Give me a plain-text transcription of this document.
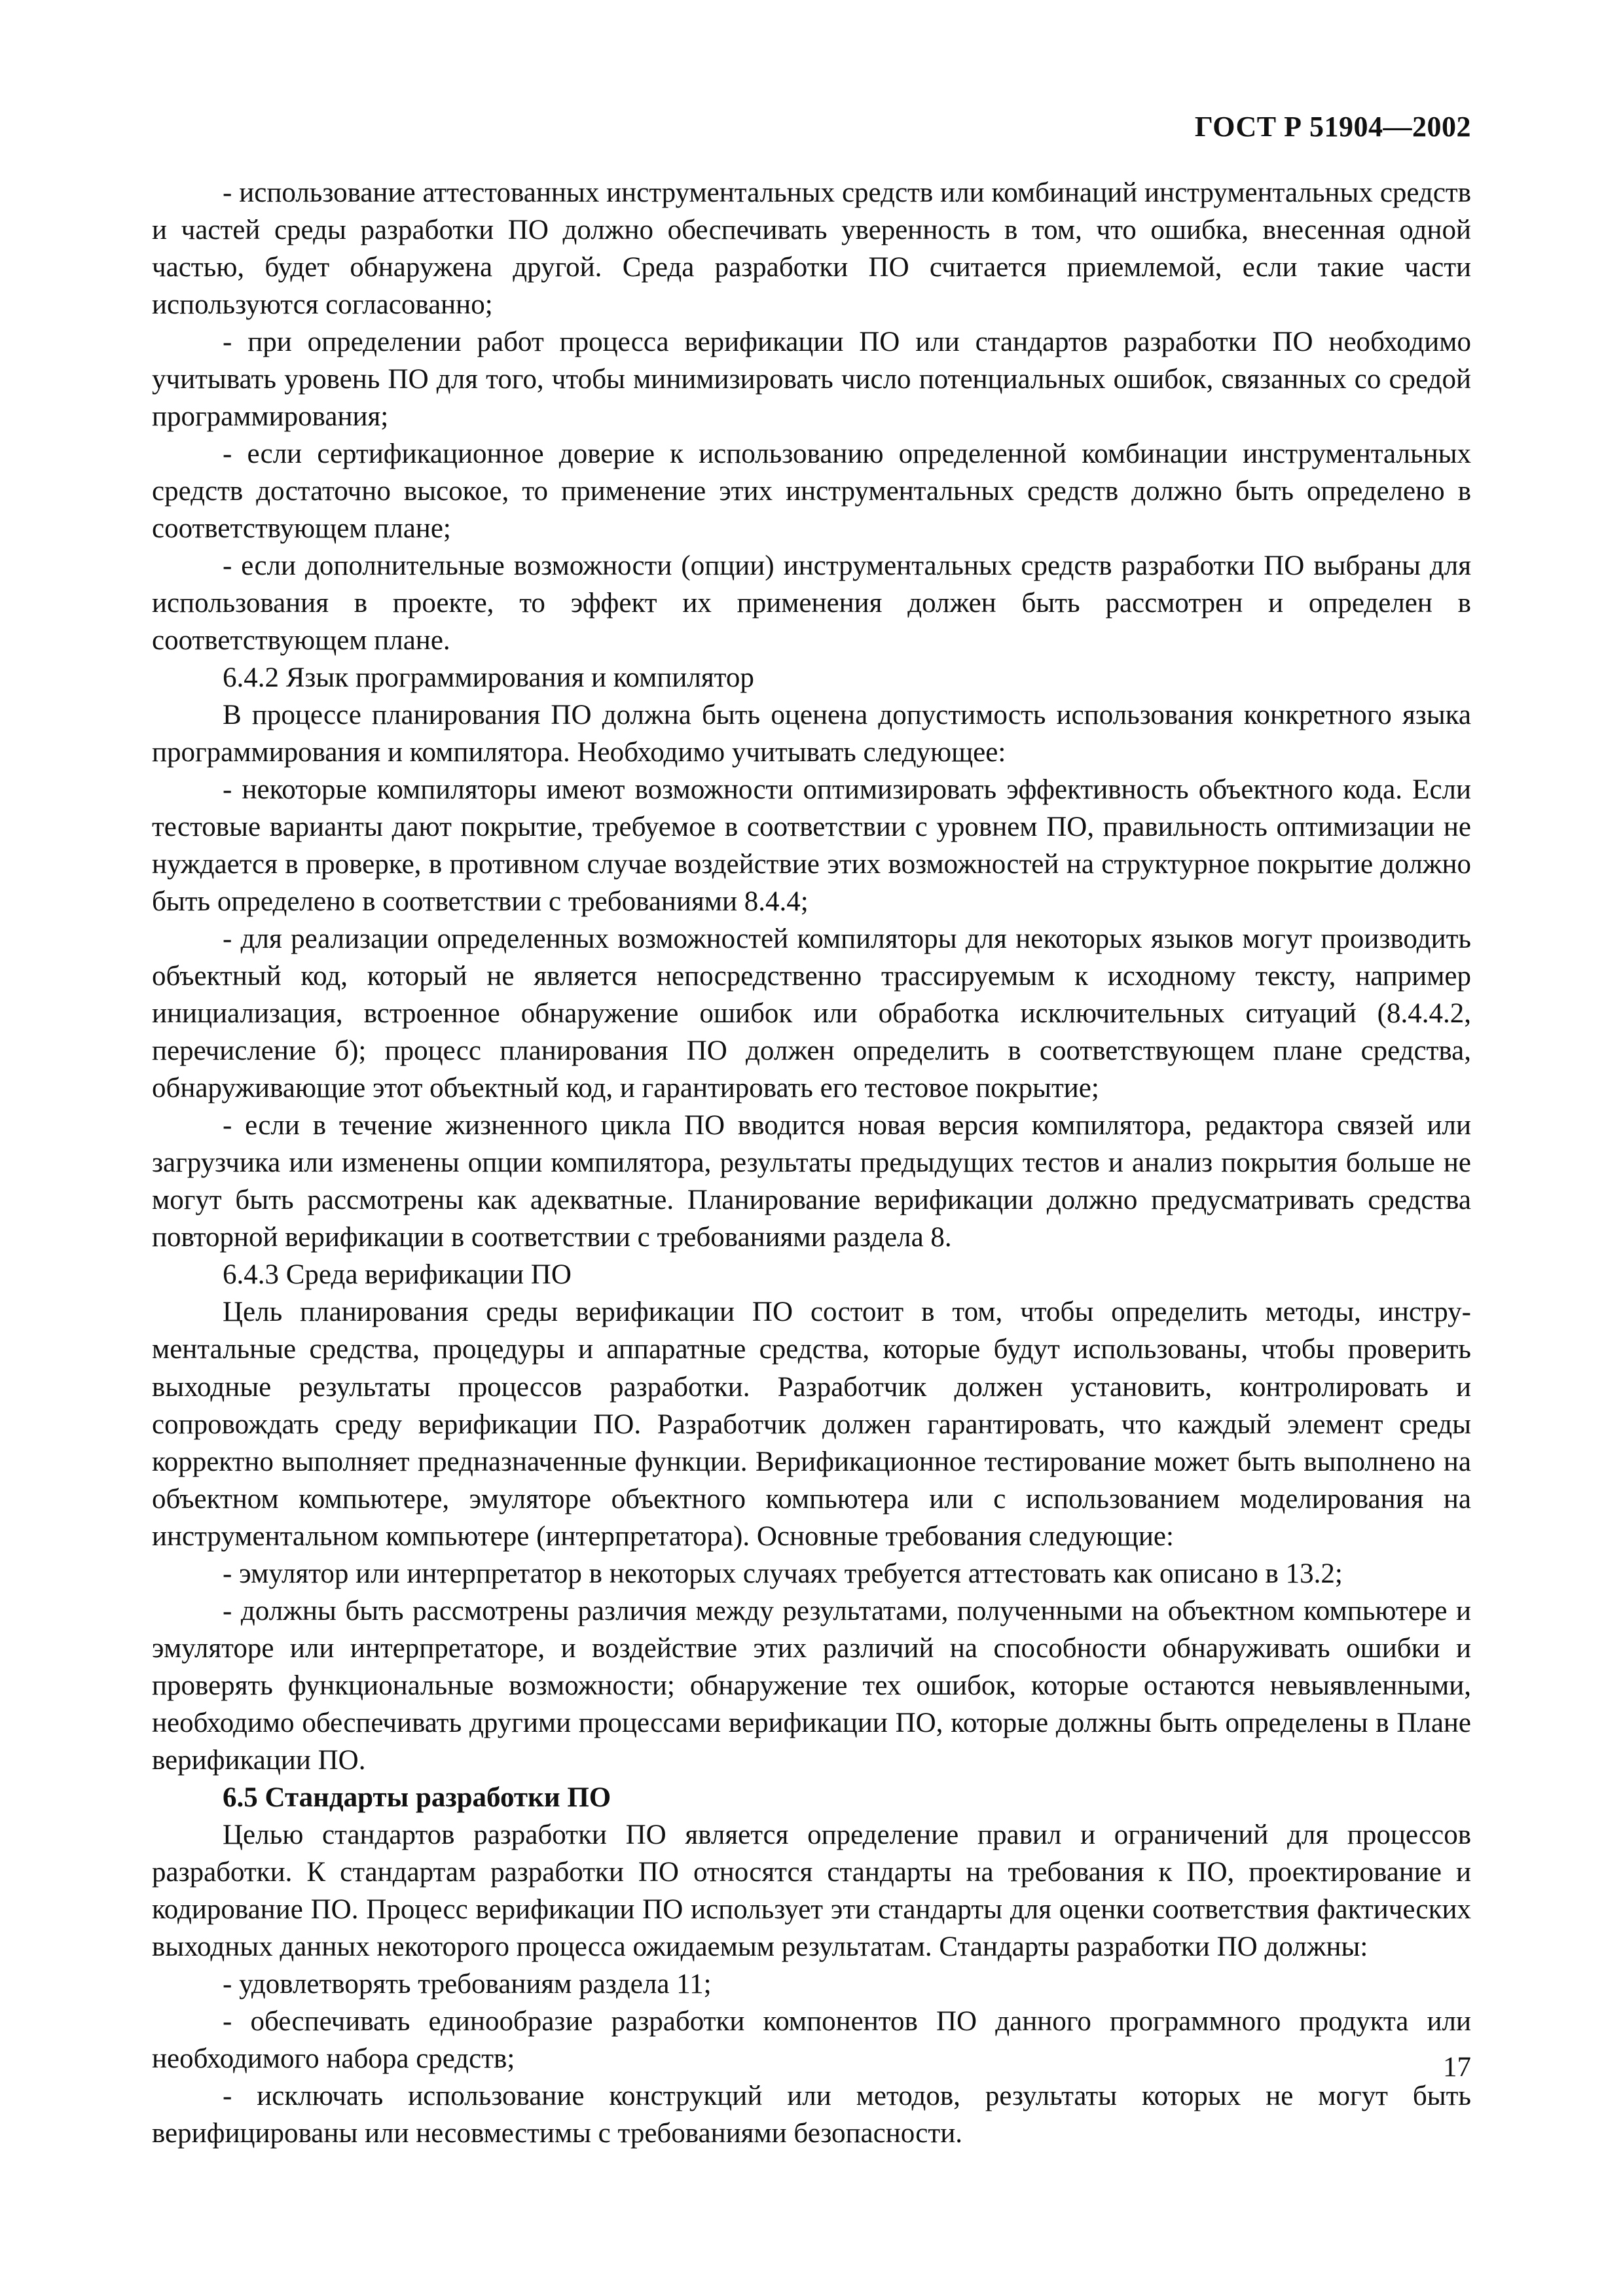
ГОСТ Р 51904—2002

- использование аттестованных инструментальных средств или комбинаций инструментальных средств и частей среды разработки ПО должно обеспечивать уверенность в том, что ошибка, внесенная одной частью, будет обнаружена другой. Среда разработки ПО считается приемлемой, если такие части используются согласованно;

- при определении работ процесса верификации ПО или стандартов разработки ПО необходимо учитывать уровень ПО для того, чтобы минимизировать число потенциальных ошибок, связанных со средой программирования;

- если сертификационное доверие к использованию определенной комбинации инструментальных средств достаточно высокое, то применение этих инструментальных средств должно быть определено в соответствующем плане;

- если дополнительные возможности (опции) инструментальных средств разработки ПО выбраны для использования в проекте, то эффект их применения должен быть рассмотрен и определен в соответствующем плане.

6.4.2 Язык программирования и компилятор

В процессе планирования ПО должна быть оценена допустимость использования конкретного языка программирования и компилятора. Необходимо учитывать следующее:

- некоторые компиляторы имеют возможности оптимизировать эффективность объектного кода. Если тестовые варианты дают покрытие, требуемое в соответствии с уровнем ПО, правильность оптимизации не нуждается в проверке, в противном случае воздействие этих возможностей на структурное покрытие должно быть определено в соответствии с требованиями 8.4.4;

- для реализации определенных возможностей компиляторы для некоторых языков могут производить объектный код, который не является непосредственно трассируемым к исходному тексту, например инициализация, встроенное обнаружение ошибок или обработка исключительных ситуаций (8.4.4.2, перечисление б); процесс планирования ПО должен определить в соответствующем плане средства, обнаруживающие этот объектный код, и гарантировать его тестовое покрытие;

- если в течение жизненного цикла ПО вводится новая версия компилятора, редактора связей или загрузчика или изменены опции компилятора, результаты предыдущих тестов и анализ покрытия больше не могут быть рассмотрены как адекватные. Планирование верификации должно предусматривать средства повторной верификации в соответствии с требованиями раздела 8.

6.4.3 Среда верификации ПО

Цель планирования среды верификации ПО состоит в том, чтобы определить методы, инструментальные средства, процедуры и аппаратные средства, которые будут использованы, чтобы проверить выходные результаты процессов разработки. Разработчик должен установить, контролировать и сопровождать среду верификации ПО. Разработчик должен гарантировать, что каждый элемент среды корректно выполняет предназначенные функции. Верификационное тестирование может быть выполнено на объектном компьютере, эмуляторе объектного компьютера или с использованием моделирования на инструментальном компьютере (интерпретатора). Основные требования следующие:

- эмулятор или интерпретатор в некоторых случаях требуется аттестовать как описано в 13.2;

- должны быть рассмотрены различия между результатами, полученными на объектном компьютере и эмуляторе или интерпретаторе, и воздействие этих различий на способности обнаруживать ошибки и проверять функциональные возможности; обнаружение тех ошибок, которые остаются невыявленными, необходимо обеспечивать другими процессами верификации ПО, которые должны быть определены в Плане верификации ПО.

6.5 Стандарты разработки ПО

Целью стандартов разработки ПО является определение правил и ограничений для процессов разработки. К стандартам разработки ПО относятся стандарты на требования к ПО, проектирование и кодирование ПО. Процесс верификации ПО использует эти стандарты для оценки соответствия фактических выходных данных некоторого процесса ожидаемым результатам. Стандарты разработки ПО должны:

- удовлетворять требованиям раздела 11;

- обеспечивать единообразие разработки компонентов ПО данного программного продукта или необходимого набора средств;

- исключать использование конструкций или методов, результаты которых не могут быть верифицированы или несовместимы с требованиями безопасности.

17
